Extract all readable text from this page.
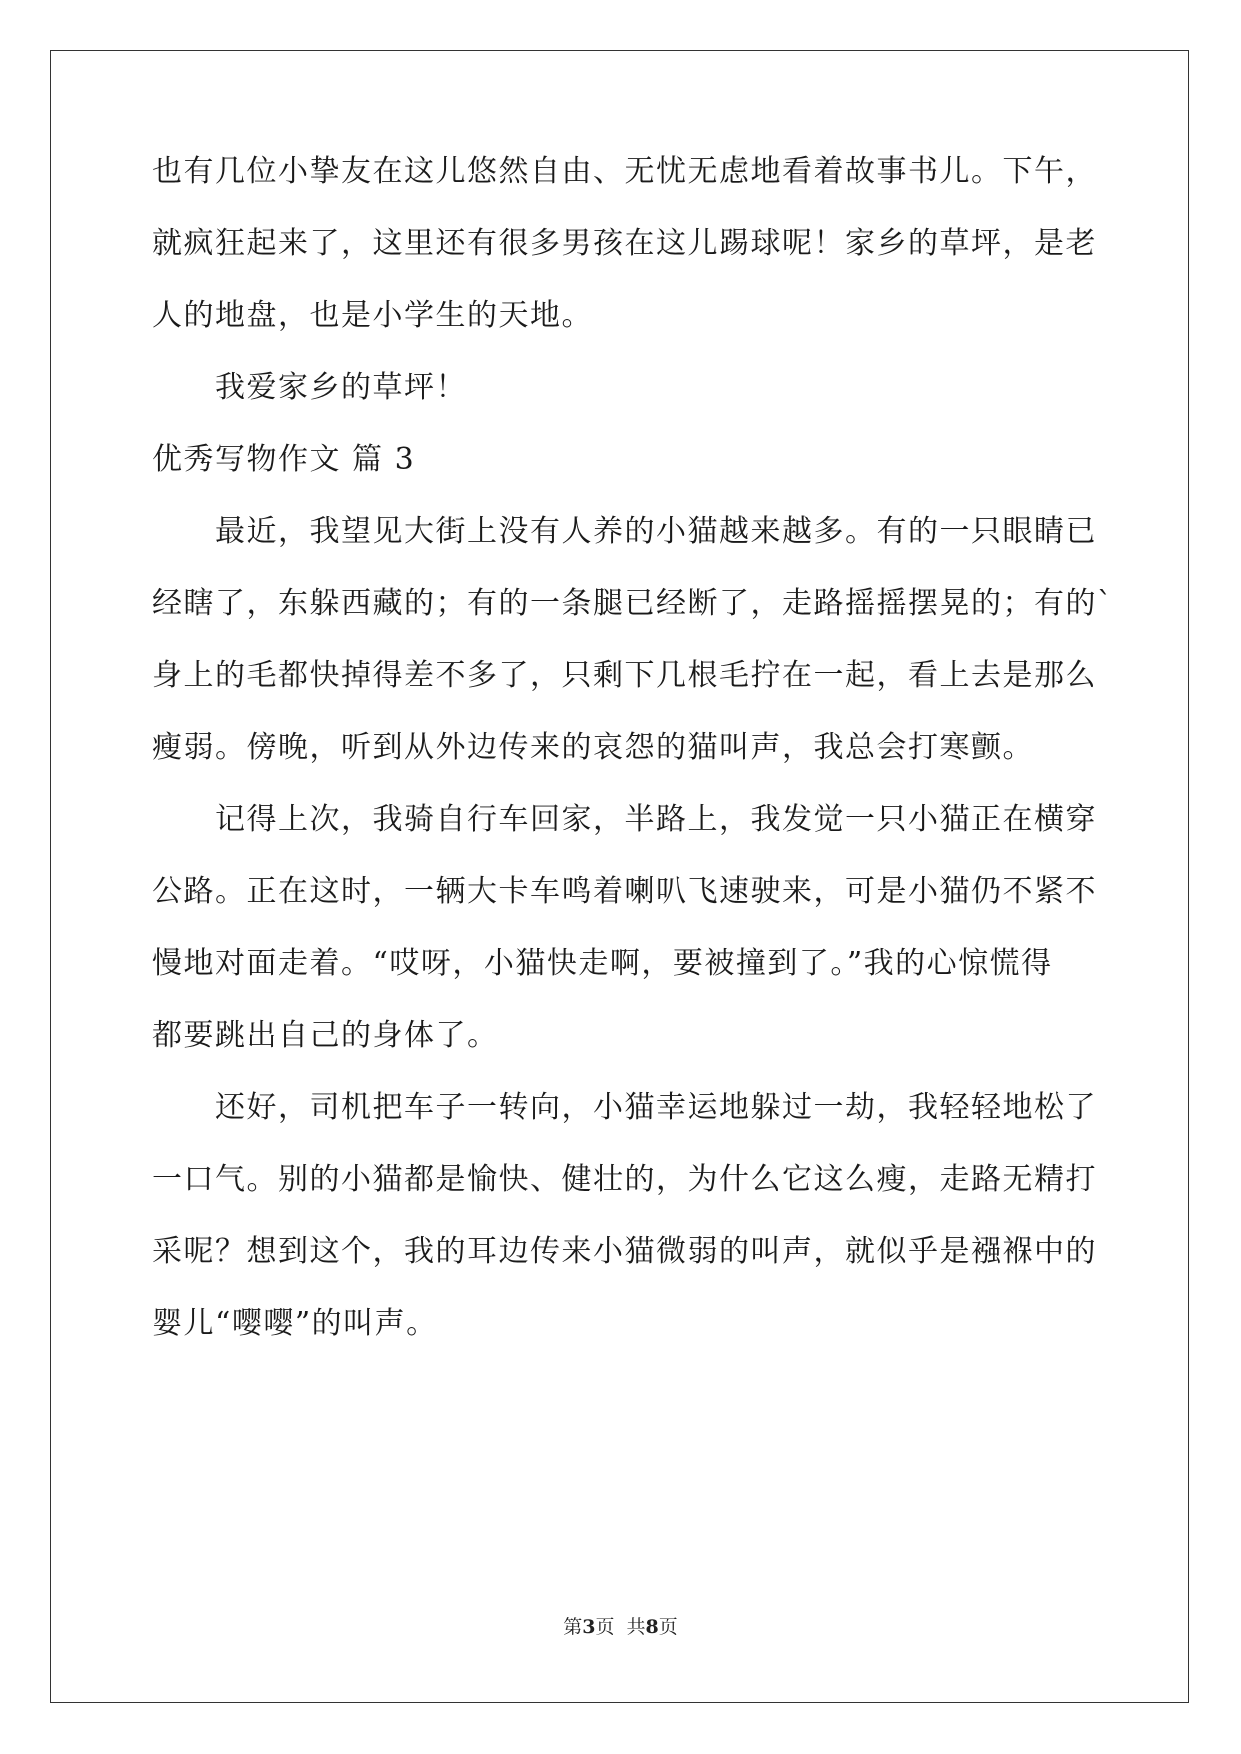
也有几位小挚友在这儿悠然自由、无忧无虑地看着故事书儿。下午，
就疯狂起来了，这里还有很多男孩在这儿踢球呢！家乡的草坪，是老
人的地盘，也是小学生的天地。
我爱家乡的草坪！
优秀写物作文 篇 3
最近，我望见大街上没有人养的小猫越来越多。有的一只眼睛已
经瞎了，东躲西藏的；有的一条腿已经断了，走路摇摇摆晃的；有的`
身上的毛都快掉得差不多了，只剩下几根毛拧在一起，看上去是那么
瘦弱。傍晚，听到从外边传来的哀怨的猫叫声，我总会打寒颤。
记得上次，我骑自行车回家，半路上，我发觉一只小猫正在横穿
公路。正在这时，一辆大卡车鸣着喇叭飞速驶来，可是小猫仍不紧不
慢地对面走着。“哎呀，小猫快走啊，要被撞到了。”我的心惊慌得
都要跳出自己的身体了。
还好，司机把车子一转向，小猫幸运地躲过一劫，我轻轻地松了
一口气。别的小猫都是愉快、健壮的，为什么它这么瘦，走路无精打
采呢？想到这个，我的耳边传来小猫微弱的叫声，就似乎是襁褓中的
婴儿“嘤嘤”的叫声。
第3页  共8页
